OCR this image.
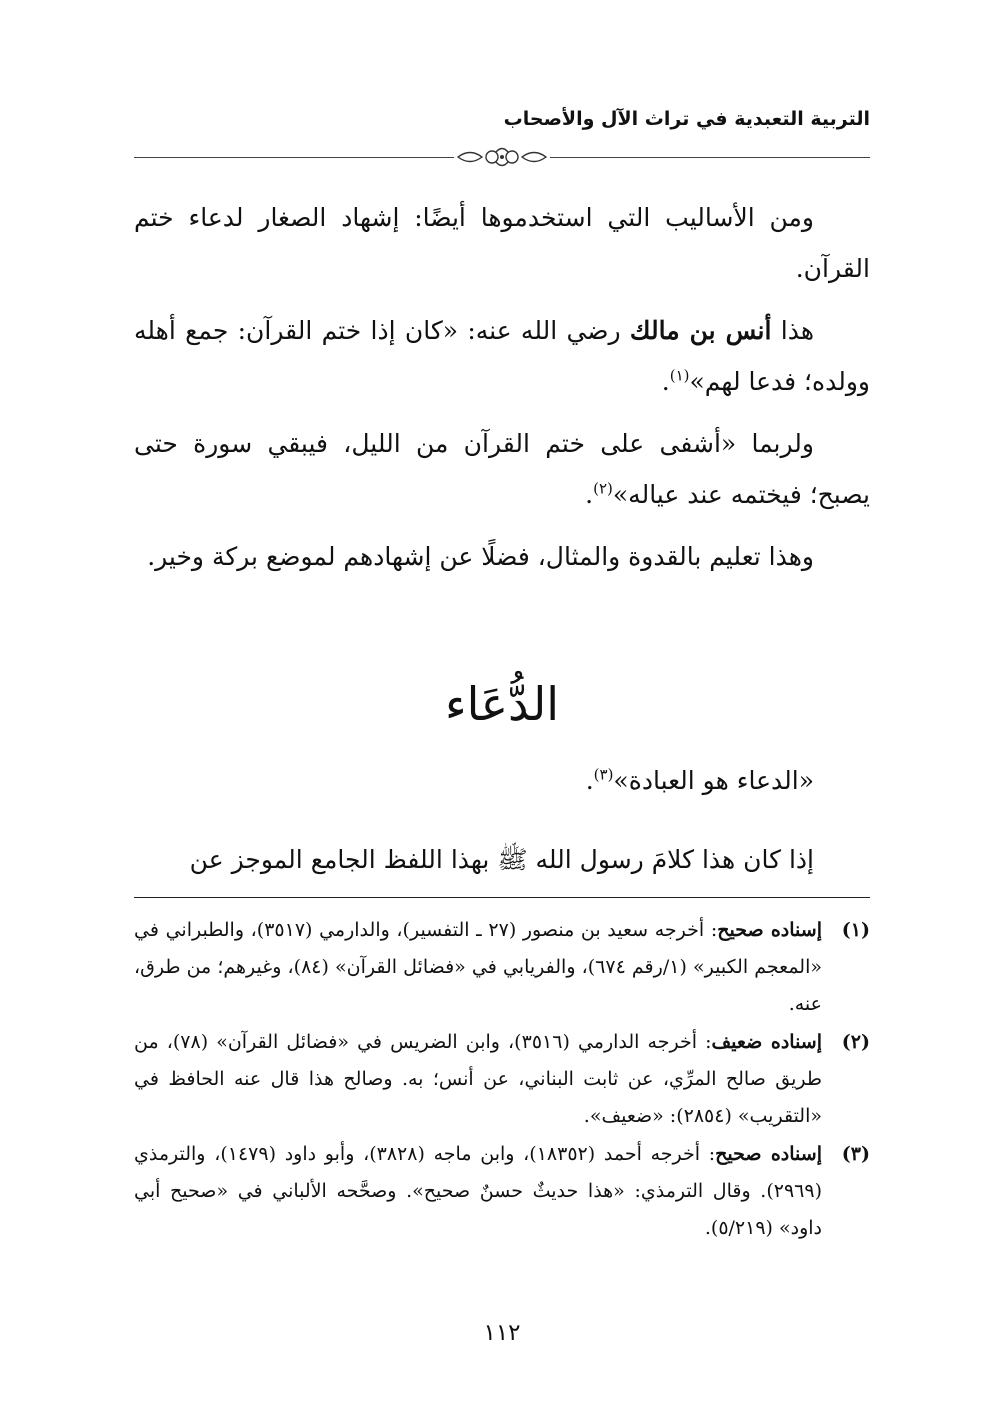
التربية التعبدية في تراث الآل والأصحاب

ومن الأساليب التي استخدموها أيضًا: إشهاد الصغار لدعاء ختم القرآن.

هذا أنس بن مالك رضي الله عنه: «كان إذا ختم القرآن: جمع أهله وولده؛ فدعا لهم»$^{(١)}$.

ولربما «أشفى على ختم القرآن من الليل، فيبقي سورة حتى يصبح؛ فيختمه عند عياله»$^{(٢)}$.

وهذا تعليم بالقدوة والمثال، فضلًا عن إشهادهم لموضع بركة وخير.

الدُّعَاء
«الدعاء هو العبادة»$^{(٣)}$.
إذا كان هذا كلامَ رسول الله ﷺ بهذا اللفظ الجامع الموجز عن
(١)
إسناده صحيح: أخرجه سعيد بن منصور (٢٧ ـ التفسير)، والدارمي (٣٥١٧)، والطبراني في «المعجم الكبير» (١/رقم ٦٧٤)، والفريابي في «فضائل القرآن» (٨٤)، وغيرهم؛ من طرق، عنه.
(٢)
إسناده ضعيف: أخرجه الدارمي (٣٥١٦)، وابن الضريس في «فضائل القرآن» (٧٨)، من طريق صالح المرِّي، عن ثابت البناني، عن أنس؛ به. وصالح هذا قال عنه الحافظ في «التقريب» (٢٨٥٤): «ضعيف».
(٣)
إسناده صحيح: أخرجه أحمد (١٨٣٥٢)، وابن ماجه (٣٨٢٨)، وأبو داود (١٤٧٩)، والترمذي (٢٩٦٩). وقال الترمذي: «هذا حديثٌ حسنٌ صحيح». وصحَّحه الألباني في «صحيح أبي داود» (٥/٢١٩).
١١٢
